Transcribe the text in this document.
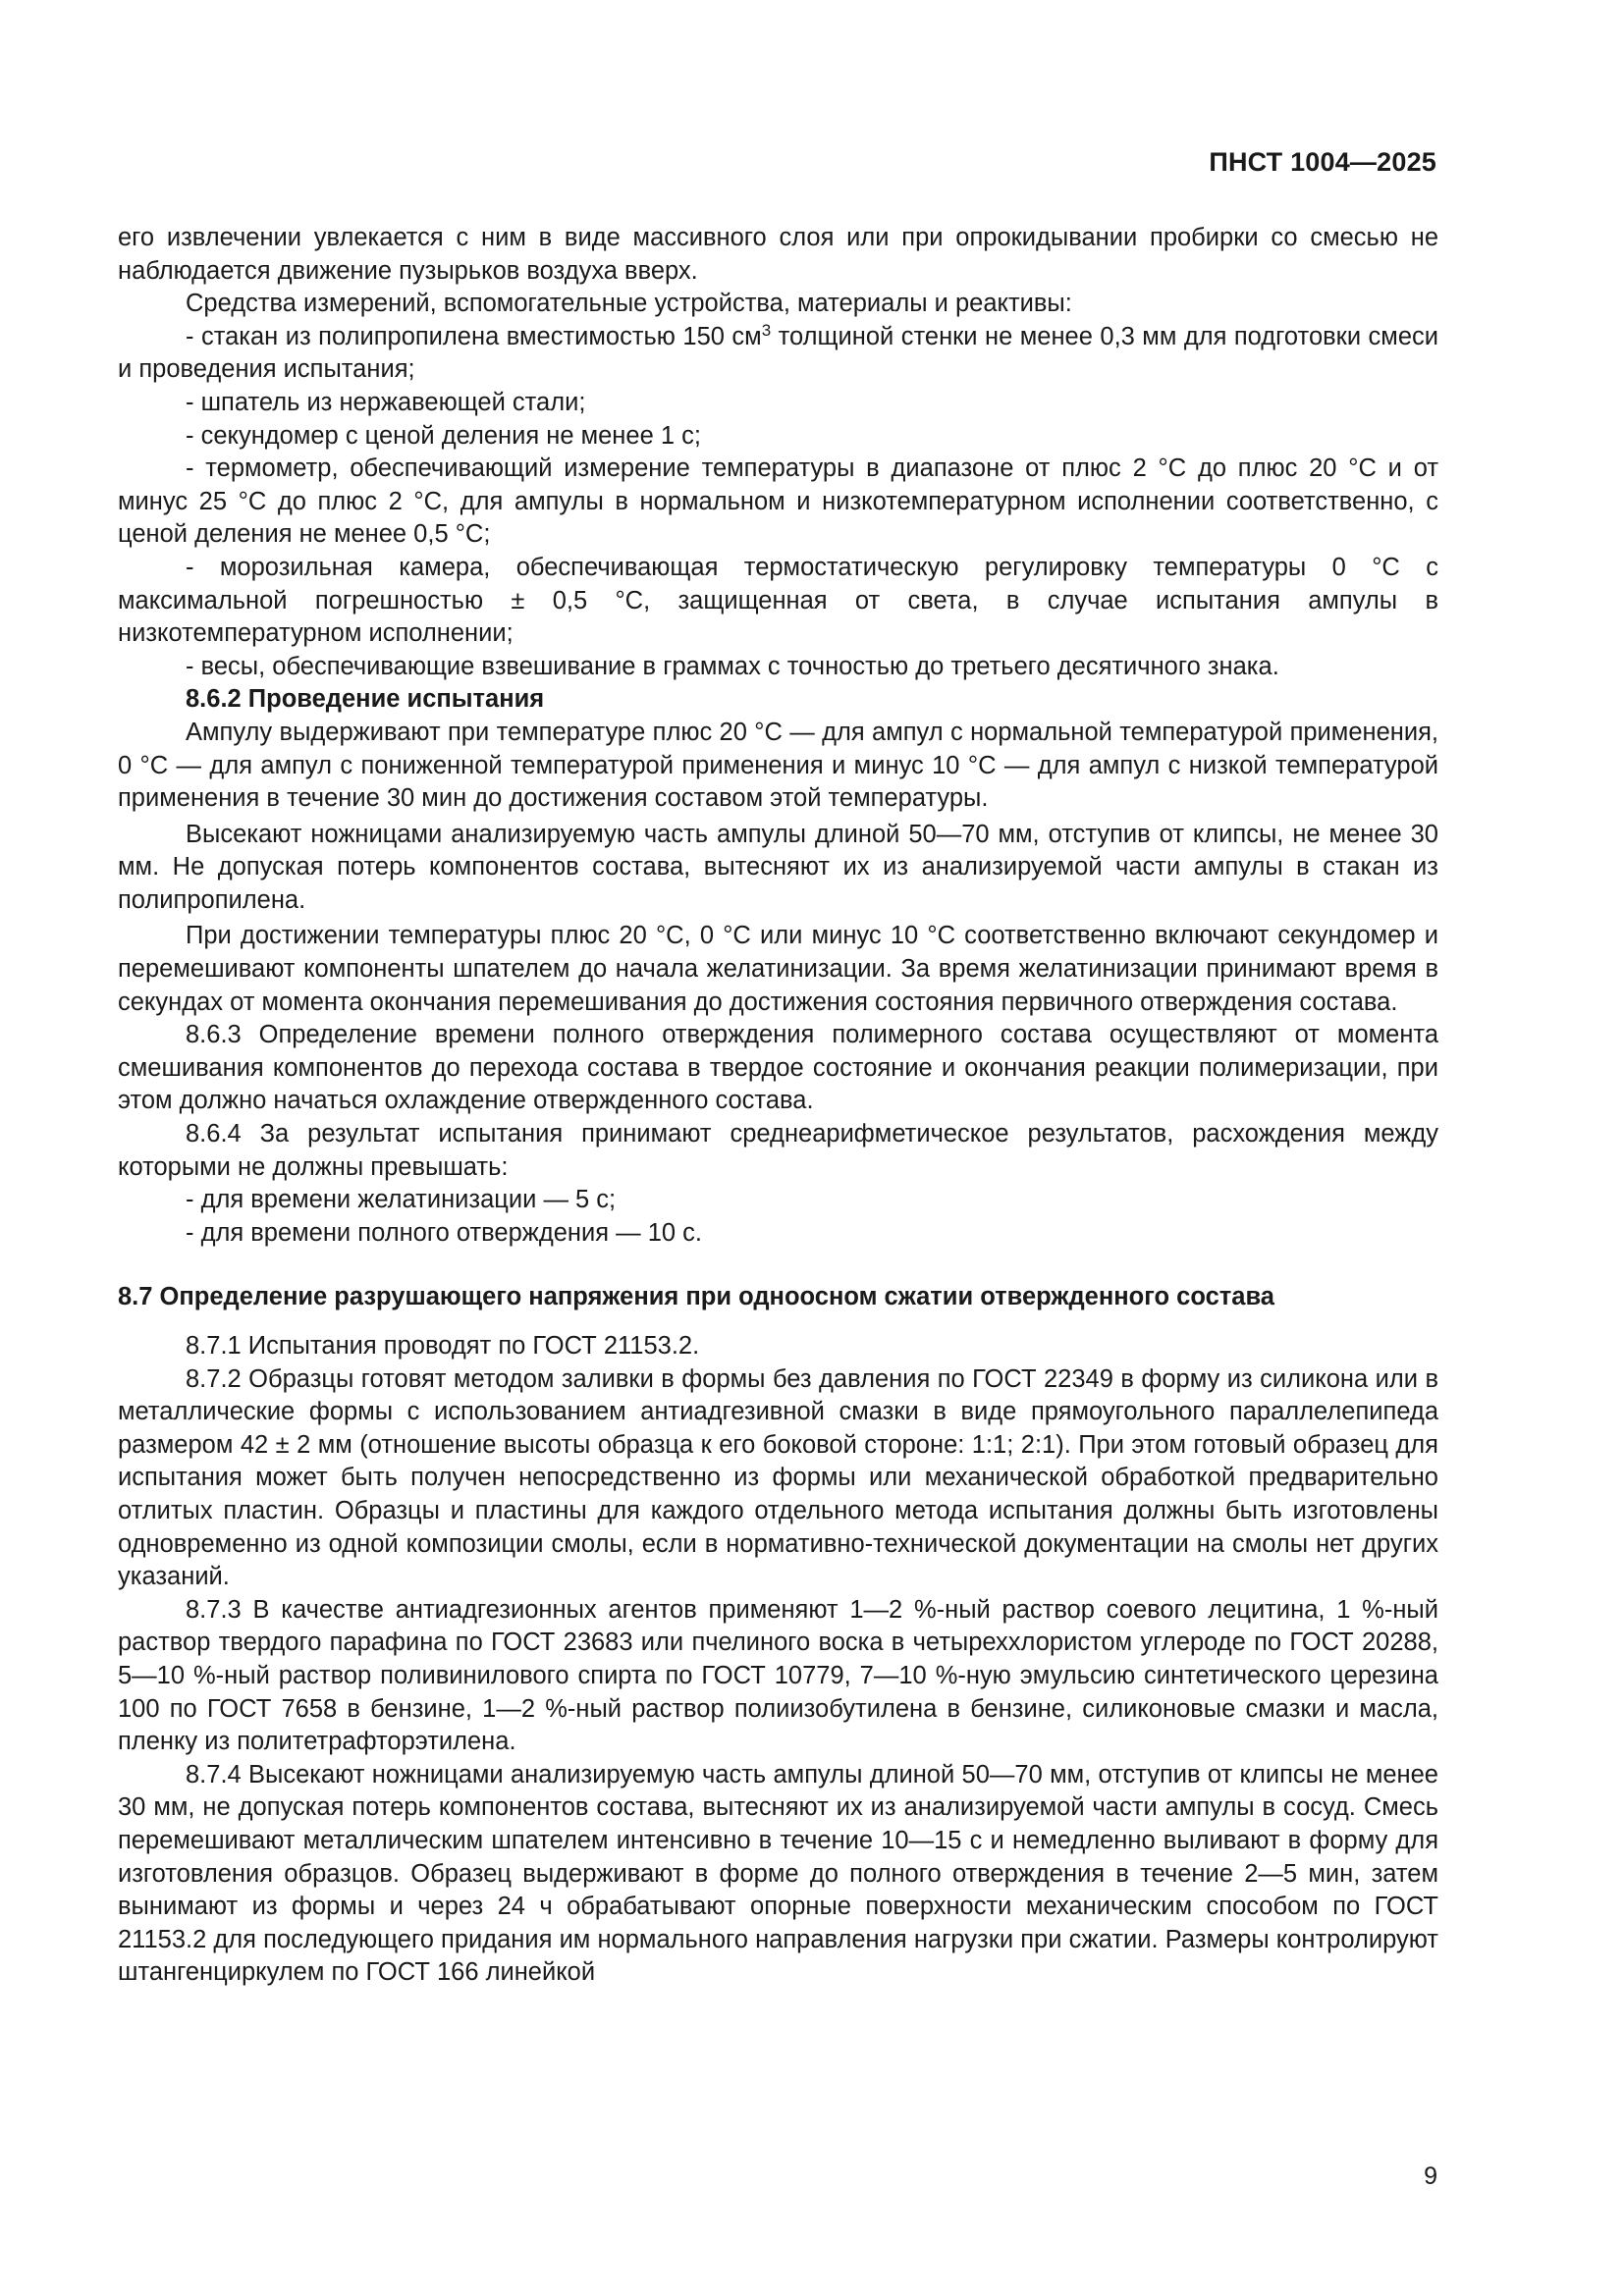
ПНСТ 1004—2025

его извлечении увлекается с ним в виде массивного слоя или при опрокидывании пробирки со смесью не наблюдается движение пузырьков воздуха вверх.

Средства измерений, вспомогательные устройства, материалы и реактивы:

- стакан из полипропилена вместимостью 150 $см^3$ толщиной стенки не менее 0,3 мм для подготовки смеси и проведения испытания;

- шпатель из нержавеющей стали;

- секундомер с ценой деления не менее 1 с;

- термометр, обеспечивающий измерение температуры в диапазоне от плюс 2 °С до плюс 20 °С и от минус 25 °С до плюс 2 °С, для ампулы в нормальном и низкотемпературном исполнении соответственно, с ценой деления не менее 0,5 °С;

- морозильная камера, обеспечивающая термостатическую регулировку температуры 0 °С с максимальной погрешностью ± 0,5 °С, защищенная от света, в случае испытания ампулы в низкотемпературном исполнении;

- весы, обеспечивающие взвешивание в граммах с точностью до третьего десятичного знака.

8.6.2 Проведение испытания

Ампулу выдерживают при температуре плюс 20 °С — для ампул с нормальной температурой применения, 0 °С — для ампул с пониженной температурой применения и минус 10 °С — для ампул с низкой температурой применения в течение 30 мин до достижения составом этой температуры.

Высекают ножницами анализируемую часть ампулы длиной 50—70 мм, отступив от клипсы, не менее 30 мм. Не допуская потерь компонентов состава, вытесняют их из анализируемой части ампулы в стакан из полипропилена.

При достижении температуры плюс 20 °С, 0 °С или минус 10 °С соответственно включают секундомер и перемешивают компоненты шпателем до начала желатинизации. За время желатинизации принимают время в секундах от момента окончания перемешивания до достижения состояния первичного отверждения состава.

8.6.3 Определение времени полного отверждения полимерного состава осуществляют от момента смешивания компонентов до перехода состава в твердое состояние и окончания реакции полимеризации, при этом должно начаться охлаждение отвержденного состава.

8.6.4 За результат испытания принимают среднеарифметическое результатов, расхождения между которыми не должны превышать:

- для времени желатинизации — 5 с;

- для времени полного отверждения — 10 с.

8.7 Определение разрушающего напряжения при одноосном сжатии отвержденного состава

8.7.1 Испытания проводят по ГОСТ 21153.2.

8.7.2 Образцы готовят методом заливки в формы без давления по ГОСТ 22349 в форму из силикона или в металлические формы с использованием антиадгезивной смазки в виде прямоугольного параллелепипеда размером 42 ± 2 мм (отношение высоты образца к его боковой стороне: 1:1; 2:1). При этом готовый образец для испытания может быть получен непосредственно из формы или механической обработкой предварительно отлитых пластин. Образцы и пластины для каждого отдельного метода испытания должны быть изготовлены одновременно из одной композиции смолы, если в нормативно-технической документации на смолы нет других указаний.

8.7.3 В качестве антиадгезионных агентов применяют 1—2 %-ный раствор соевого лецитина, 1 %-ный раствор твердого парафина по ГОСТ 23683 или пчелиного воска в четыреххлористом углероде по ГОСТ 20288, 5—10 %-ный раствор поливинилового спирта по ГОСТ 10779, 7—10 %-ную эмульсию синтетического церезина 100 по ГОСТ 7658 в бензине, 1—2 %-ный раствор полиизобутилена в бензине, силиконовые смазки и масла, пленку из политетрафторэтилена.

8.7.4 Высекают ножницами анализируемую часть ампулы длиной 50—70 мм, отступив от клипсы не менее 30 мм, не допуская потерь компонентов состава, вытесняют их из анализируемой части ампулы в сосуд. Смесь перемешивают металлическим шпателем интенсивно в течение 10—15 с и немедленно выливают в форму для изготовления образцов. Образец выдерживают в форме до полного отверждения в течение 2—5 мин, затем вынимают из формы и через 24 ч обрабатывают опорные поверхности механическим способом по ГОСТ 21153.2 для последующего придания им нормального направления нагрузки при сжатии. Размеры контролируют штангенциркулем по ГОСТ 166 линейкой

9
